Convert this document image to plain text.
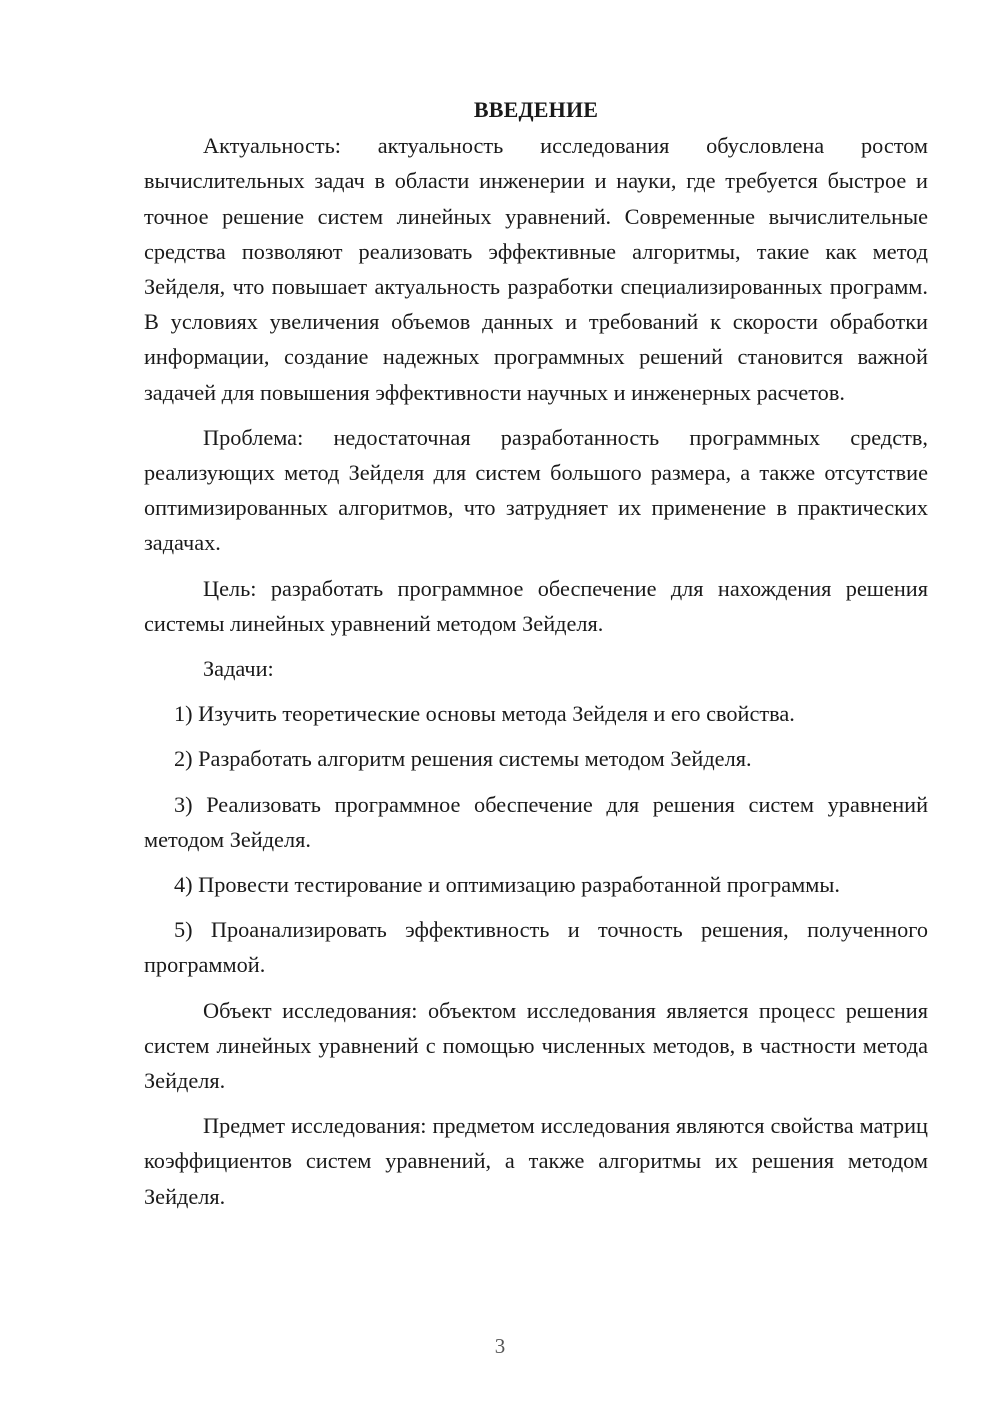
ВВЕДЕНИЕ

Актуальность: актуальность исследования обусловлена ростом вычислительных задач в области инженерии и науки, где требуется быстрое и точное решение систем линейных уравнений. Современные вычислительные средства позволяют реализовать эффективные алгоритмы, такие как метод Зейделя, что повышает актуальность разработки специализированных программ. В условиях увеличения объемов данных и требований к скорости обработки информации, создание надежных программных решений становится важной задачей для повышения эффективности научных и инженерных расчетов.

Проблема: недостаточная разработанность программных средств, реализующих метод Зейделя для систем большого размера, а также отсутствие оптимизированных алгоритмов, что затрудняет их применение в практических задачах.

Цель: разработать программное обеспечение для нахождения решения системы линейных уравнений методом Зейделя.

Задачи:

1) Изучить теоретические основы метода Зейделя и его свойства.

2) Разработать алгоритм решения системы методом Зейделя.

3) Реализовать программное обеспечение для решения систем уравнений методом Зейделя.

4) Провести тестирование и оптимизацию разработанной программы.

5) Проанализировать эффективность и точность решения, полученного программой.

Объект исследования: объектом исследования является процесс решения систем линейных уравнений с помощью численных методов, в частности метода Зейделя.

Предмет исследования: предметом исследования являются свойства матриц коэффициентов систем уравнений, а также алгоритмы их решения методом Зейделя.

3
